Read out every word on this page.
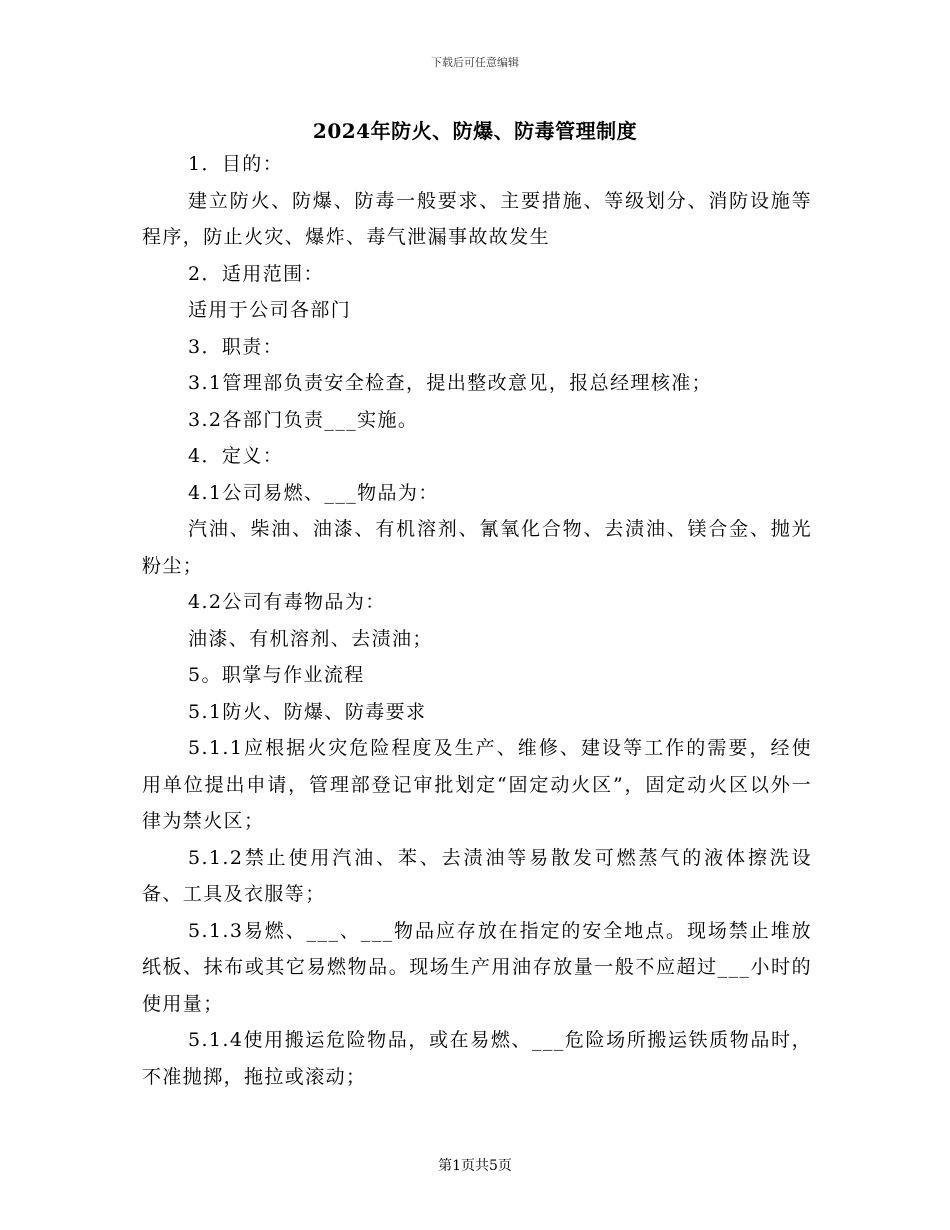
下载后可任意编辑
2024年防火、防爆、防毒管理制度

1．目的：

建立防火、防爆、防毒一般要求、主要措施、等级划分、消防设施等程序，防止火灾、爆炸、毒气泄漏事故故发生

2．适用范围：

适用于公司各部门

3．职责：

3.1管理部负责安全检查，提出整改意见，报总经理核准；

3.2各部门负责___实施。

4．定义：

4.1公司易燃、___物品为：

汽油、柴油、油漆、有机溶剂、氰氧化合物、去渍油、镁合金、抛光粉尘；

4.2公司有毒物品为：

油漆、有机溶剂、去渍油；

5。职掌与作业流程

5.1防火、防爆、防毒要求

5.1.1应根据火灾危险程度及生产、维修、建设等工作的需要，经使用单位提出申请，管理部登记审批划定“固定动火区”，固定动火区以外一律为禁火区；

5.1.2禁止使用汽油、苯、去渍油等易散发可燃蒸气的液体擦洗设备、工具及衣服等；

5.1.3易燃、___、___物品应存放在指定的安全地点。现场禁止堆放纸板、抹布或其它易燃物品。现场生产用油存放量一般不应超过___小时的使用量；

5.1.4使用搬运危险物品，或在易燃、___危险场所搬运铁质物品时，不准抛掷，拖拉或滚动；

第1页共5页
